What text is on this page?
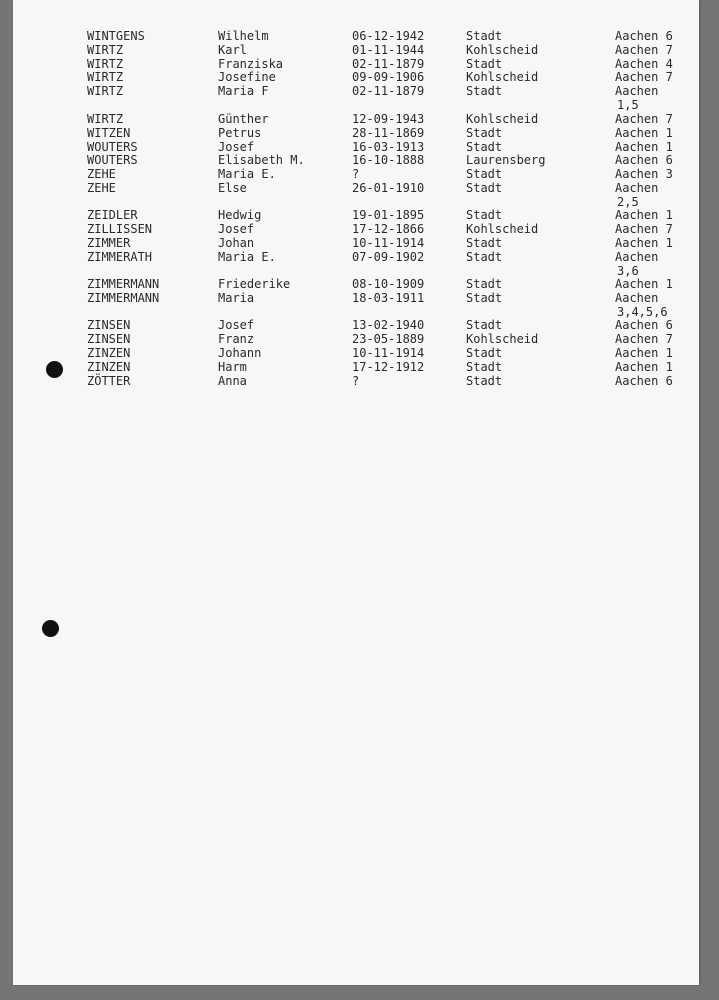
WINTGENS	Wilhelm	06-12-1942	Stadt	Aachen 6
WIRTZ	Karl	01-11-1944	Kohlscheid	Aachen 7
WIRTZ	Franziska	02-11-1879	Stadt	Aachen 4
WIRTZ	Josefine	09-09-1906	Kohlscheid	Aachen 7
WIRTZ	Maria F	02-11-1879	Stadt	Aachen
1,5
WIRTZ	Günther	12-09-1943	Kohlscheid	Aachen 7
WITZEN	Petrus	28-11-1869	Stadt	Aachen 1
WOUTERS	Josef	16-03-1913	Stadt	Aachen 1
WOUTERS	Elisabeth M.	16-10-1888	Laurensberg	Aachen 6
ZEHE	Maria E.	?	Stadt	Aachen 3
ZEHE	Else	26-01-1910	Stadt	Aachen
2,5
ZEIDLER	Hedwig	19-01-1895	Stadt	Aachen 1
ZILLISSEN	Josef	17-12-1866	Kohlscheid	Aachen 7
ZIMMER	Johan	10-11-1914	Stadt	Aachen 1
ZIMMERATH	Maria E.	07-09-1902	Stadt	Aachen
3,6
ZIMMERMANN	Friederike	08-10-1909	Stadt	Aachen 1
ZIMMERMANN	Maria	18-03-1911	Stadt	Aachen
3,4,5,6
ZINSEN	Josef	13-02-1940	Stadt	Aachen 6
ZINSEN	Franz	23-05-1889	Kohlscheid	Aachen 7
ZINZEN	Johann	10-11-1914	Stadt	Aachen 1
ZINZEN	Harm	17-12-1912	Stadt	Aachen 1
ZÖTTER	Anna	?	Stadt	Aachen 6
